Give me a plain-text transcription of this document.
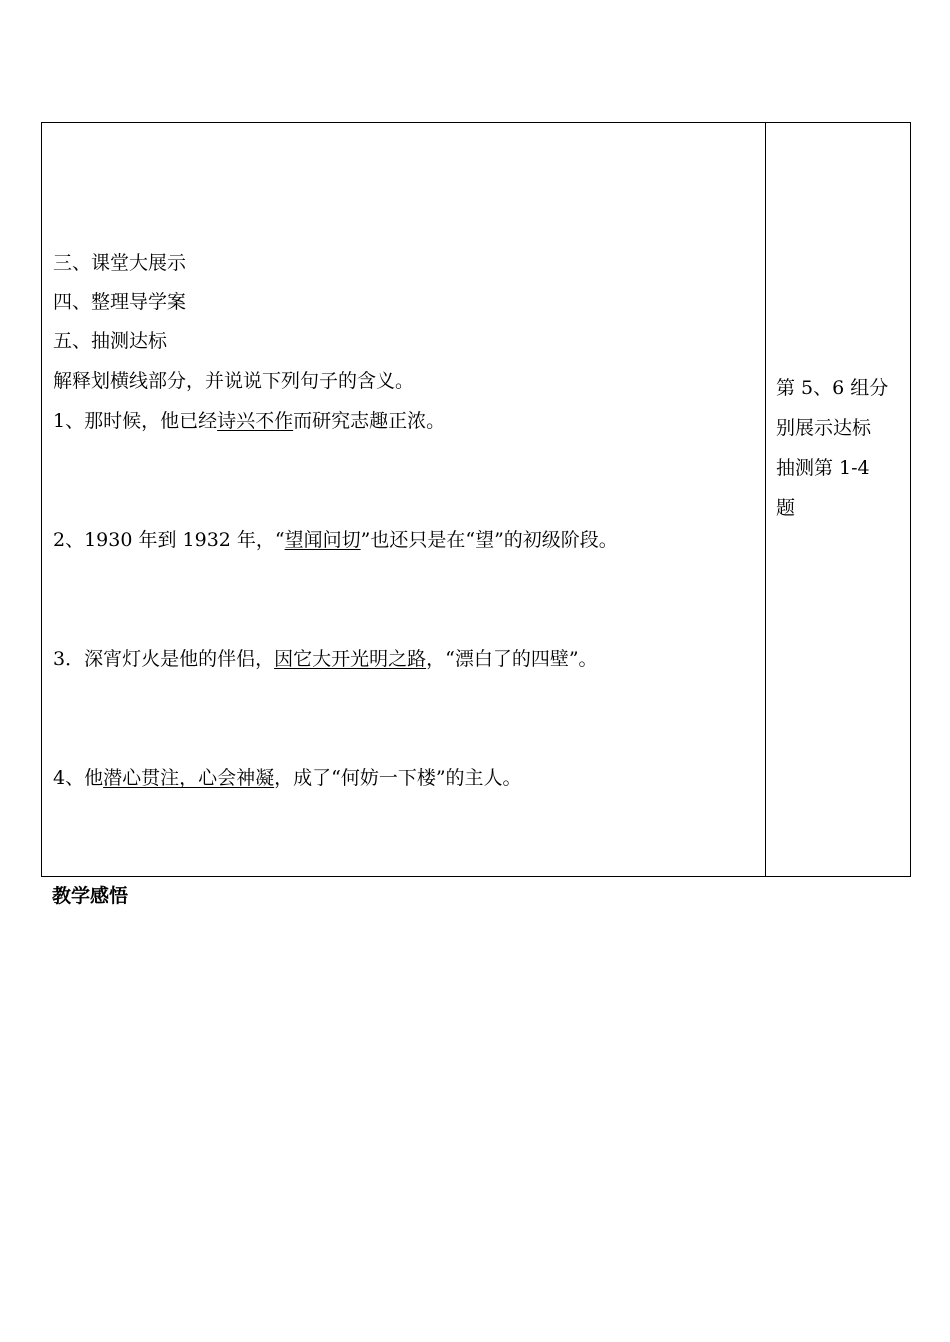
三、课堂大展示
四、整理导学案
五、抽测达标
解释划横线部分，并说说下列句子的含义。
1、那时候，他已经诗兴不作而研究志趣正浓。
2、1930 年到 1932 年，“望闻问切”也还只是在“望”的初级阶段。
3．深宵灯火是他的伴侣，因它大开光明之路，“漂白了的四壁”。
4、他潜心贯注，心会神凝，成了“何妨一下楼”的主人。
第 5、6 组分
别展示达标
抽测第 1-4
题
教学感悟
